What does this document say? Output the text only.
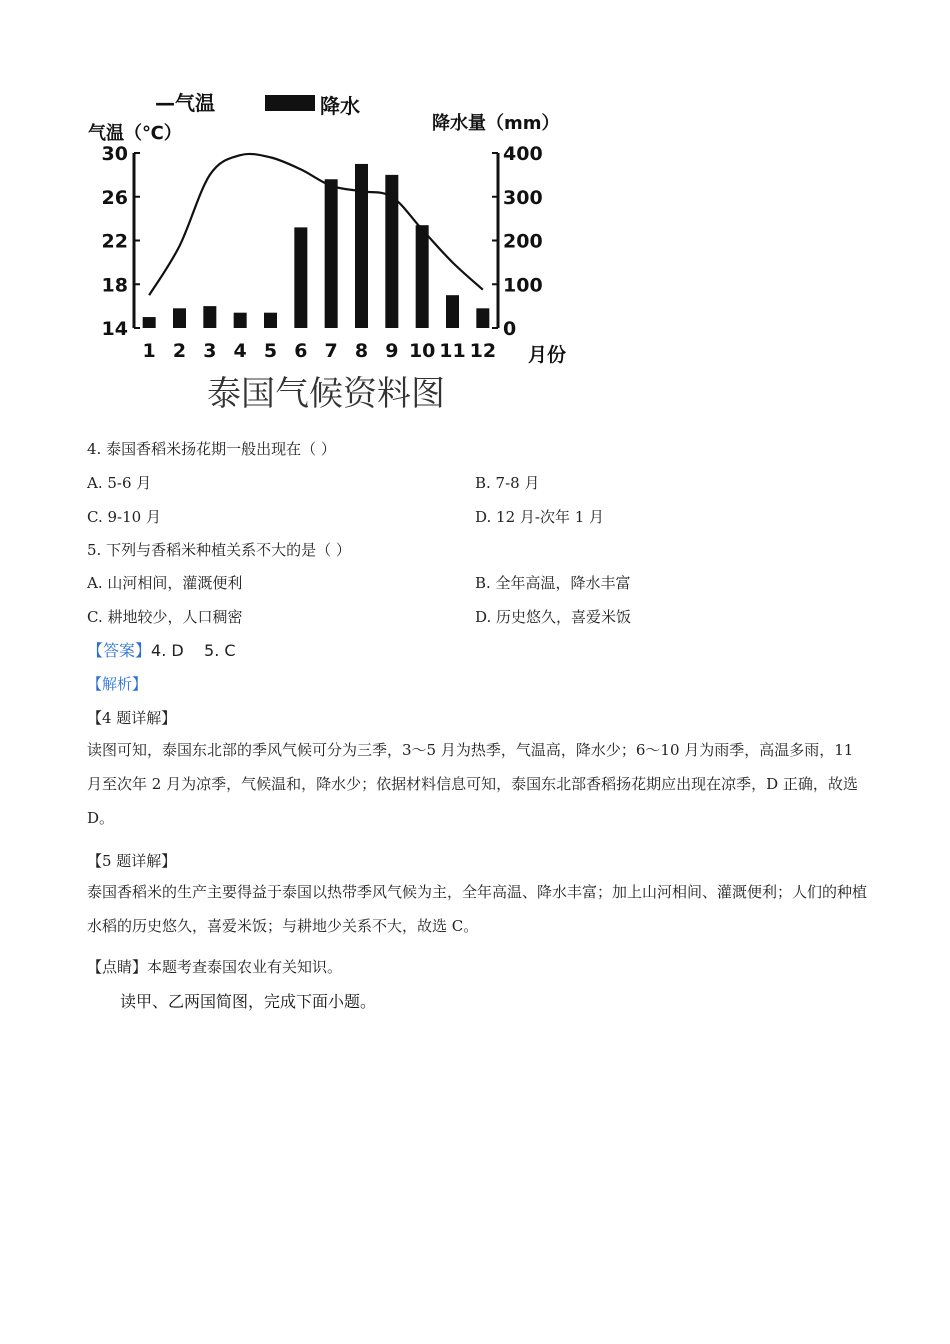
—气温	降水
气温（℃）	降水量（mm）
30
26
22
18
14
400
300
200
100
0
1 2 3 4 5 6 7 8 9 10 11 12 月份
泰国气候资料图
4. 泰国香稻米扬花期一般出现在（ ）
A. 5-6 月	B. 7-8 月
C. 9-10 月	D. 12 月-次年 1 月
5. 下列与香稻米种植关系不大的是（ ）
A. 山河相间，灌溉便利	B. 全年高温，降水丰富
C. 耕地较少，人口稠密	D. 历史悠久，喜爱米饭
【答案】4. D    5. C
【解析】
【4 题详解】
读图可知，泰国东北部的季风气候可分为三季，3～5 月为热季，气温高，降水少；6～10 月为雨季，高温多雨，11 月至次年 2 月为凉季，气候温和，降水少；依据材料信息可知，泰国东北部香稻扬花期应出现在凉季，D 正确，故选 D。
【5 题详解】
泰国香稻米的生产主要得益于泰国以热带季风气候为主，全年高温、降水丰富；加上山河相间、灌溉便利；人们的种植水稻的历史悠久，喜爱米饭；与耕地少关系不大，故选 C。
【点睛】本题考查泰国农业有关知识。
读甲、乙两国简图，完成下面小题。
